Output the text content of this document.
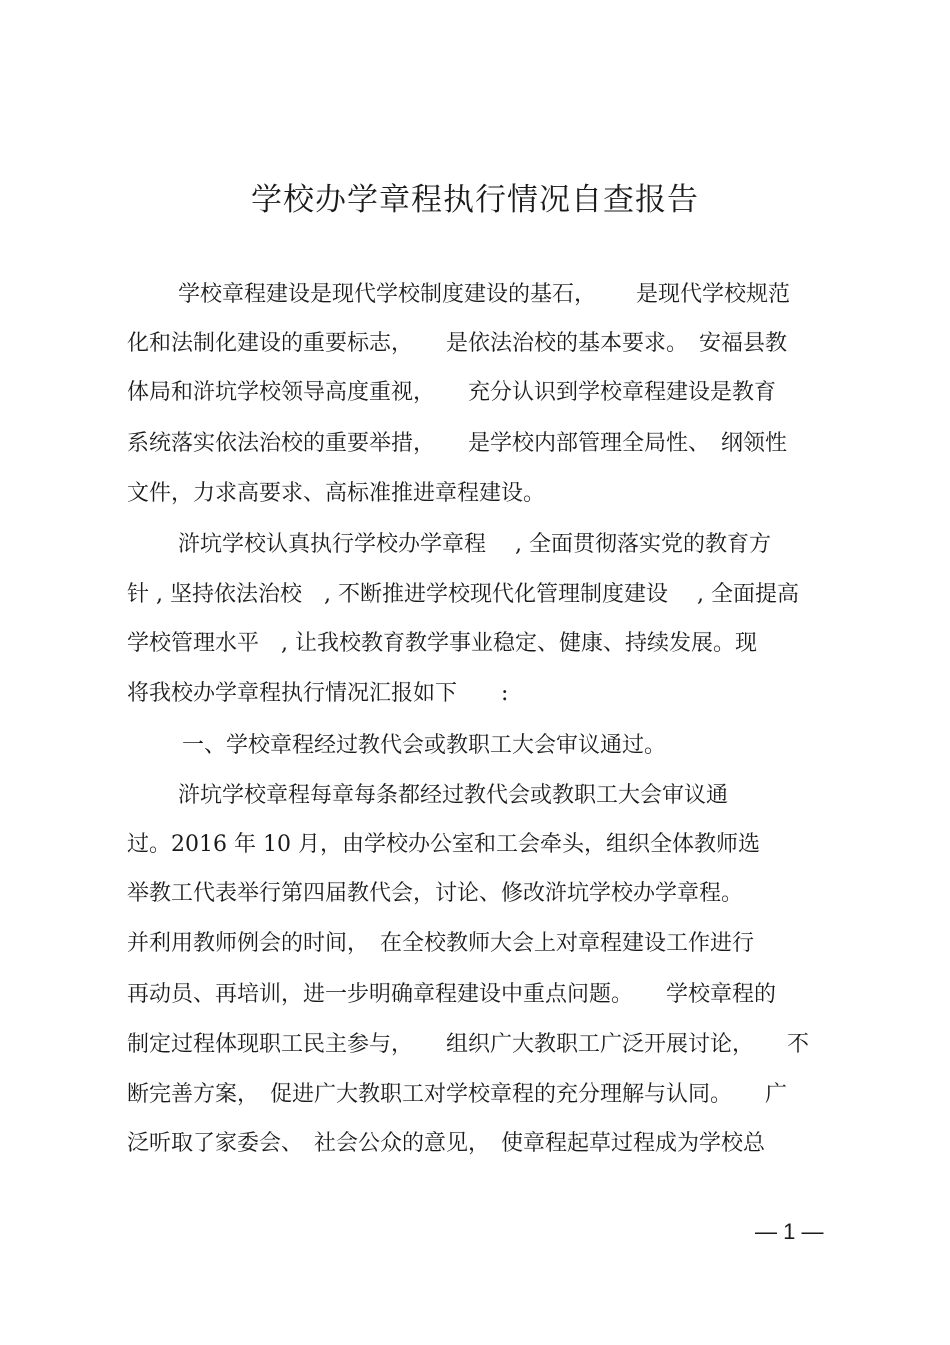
学校办学章程执行情况自查报告
学校章程建设是现代学校制度建设的基石，　　 是现代学校规范
化和法制化建设的重要标志，　　是依法治校的基本要求。　安福县教
体局和浒坑学校领导高度重视，　　充分认识到学校章程建设是教育
系统落实依法治校的重要举措，　　是学校内部管理全局性、　纲领性
文件，力求高要求、高标准推进章程建设。
浒坑学校认真执行学校办学章程　 , 全面贯彻落实党的教育方
针 , 坚持依法治校　, 不断推进学校现代化管理制度建设　 , 全面提高
学校管理水平　, 让我校教育教学事业稳定、健康、持续发展。现
将我校办学章程执行情况汇报如下　　:
一、学校章程经过教代会或教职工大会审议通过。
浒坑学校章程每章每条都经过教代会或教职工大会审议通
过。2016 年 10 月，由学校办公室和工会牵头，组织全体教师选
举教工代表举行第四届教代会，讨论、修改浒坑学校办学章程。
并利用教师例会的时间，　在全校教师大会上对章程建设工作进行
再动员、再培训，进一步明确章程建设中重点问题。　　学校章程的
制定过程体现职工民主参与，　　组织广大教职工广泛开展讨论，　　不
断完善方案，　促进广大教职工对学校章程的充分理解与认同。　　广
泛听取了家委会、　社会公众的意见，　使章程起草过程成为学校总
— 1 —
